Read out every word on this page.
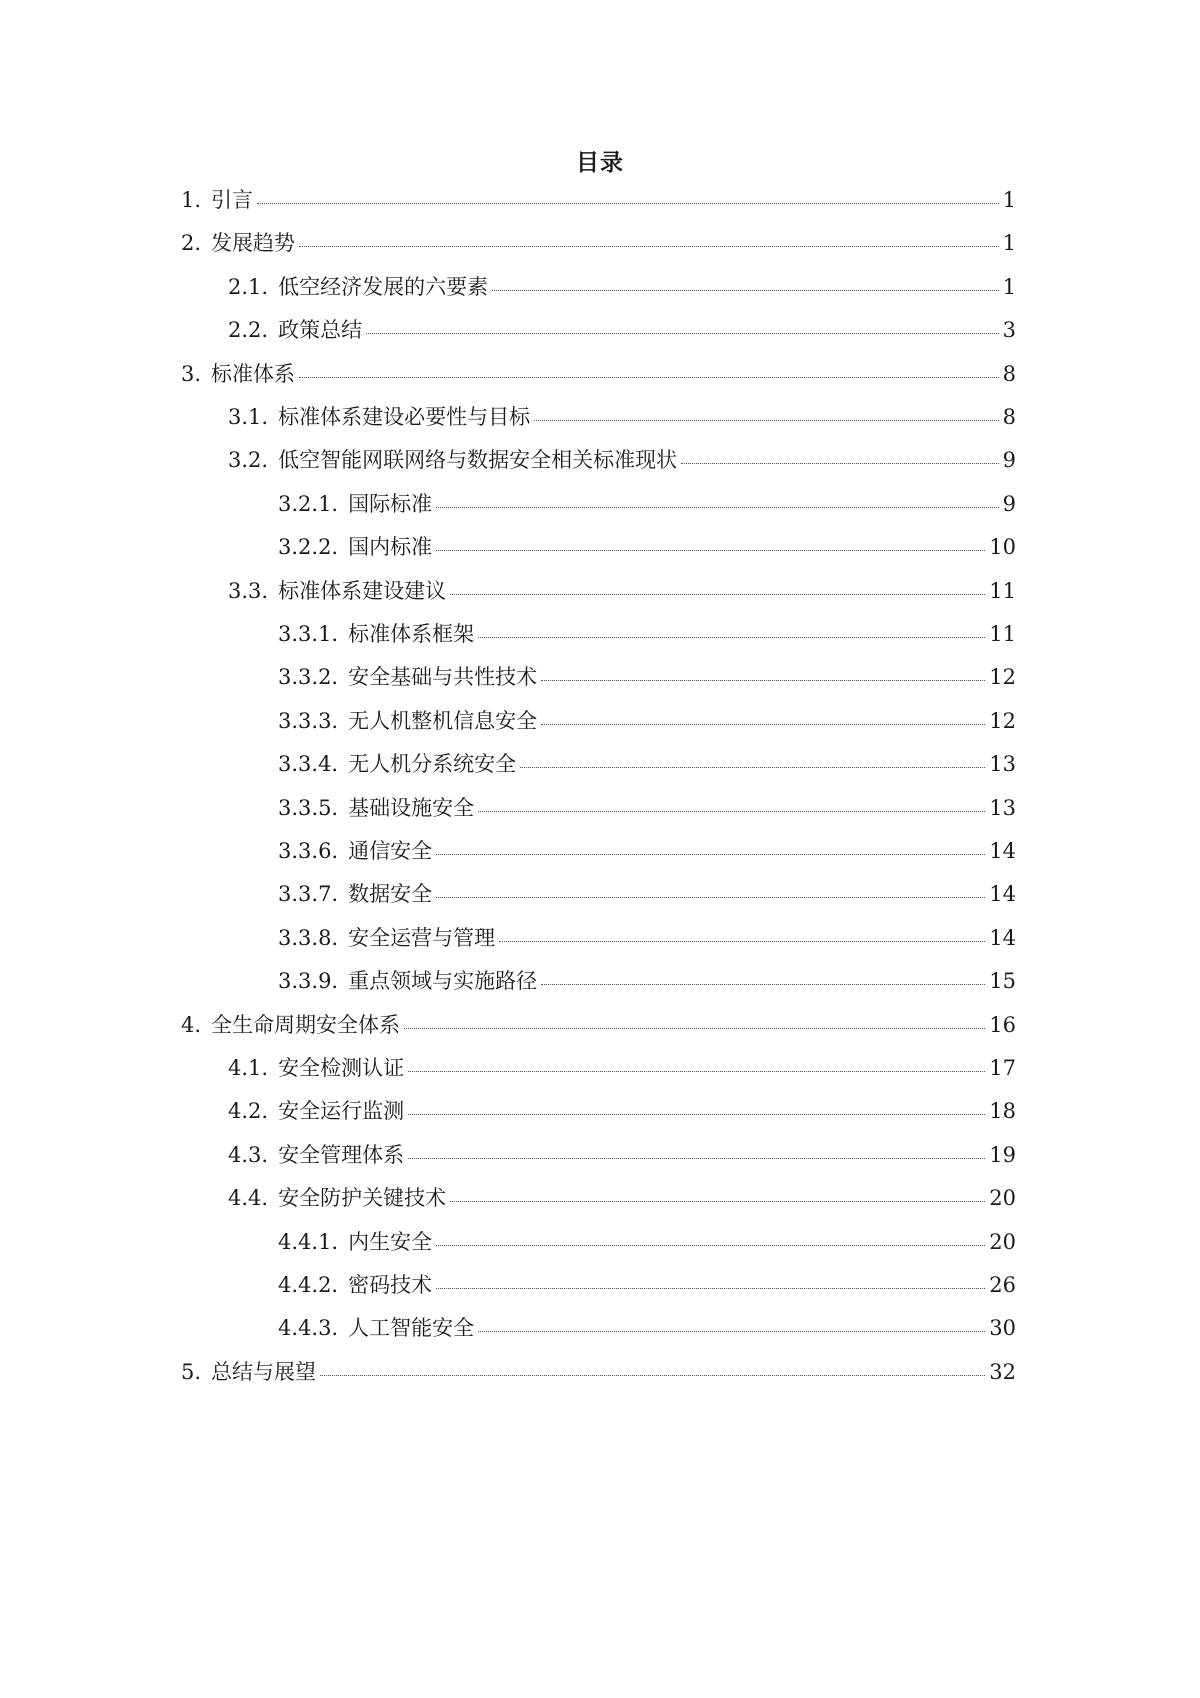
目录
1. 引言	1
2. 发展趋势	1
2.1. 低空经济发展的六要素	1
2.2. 政策总结	3
3. 标准体系	8
3.1. 标准体系建设必要性与目标	8
3.2. 低空智能网联网络与数据安全相关标准现状	9
3.2.1. 国际标准	9
3.2.2. 国内标准	10
3.3. 标准体系建设建议	11
3.3.1. 标准体系框架	11
3.3.2. 安全基础与共性技术	12
3.3.3. 无人机整机信息安全	12
3.3.4. 无人机分系统安全	13
3.3.5. 基础设施安全	13
3.3.6. 通信安全	14
3.3.7. 数据安全	14
3.3.8. 安全运营与管理	14
3.3.9. 重点领域与实施路径	15
4. 全生命周期安全体系	16
4.1. 安全检测认证	17
4.2. 安全运行监测	18
4.3. 安全管理体系	19
4.4. 安全防护关键技术	20
4.4.1. 内生安全	20
4.4.2. 密码技术	26
4.4.3. 人工智能安全	30
5. 总结与展望	32
